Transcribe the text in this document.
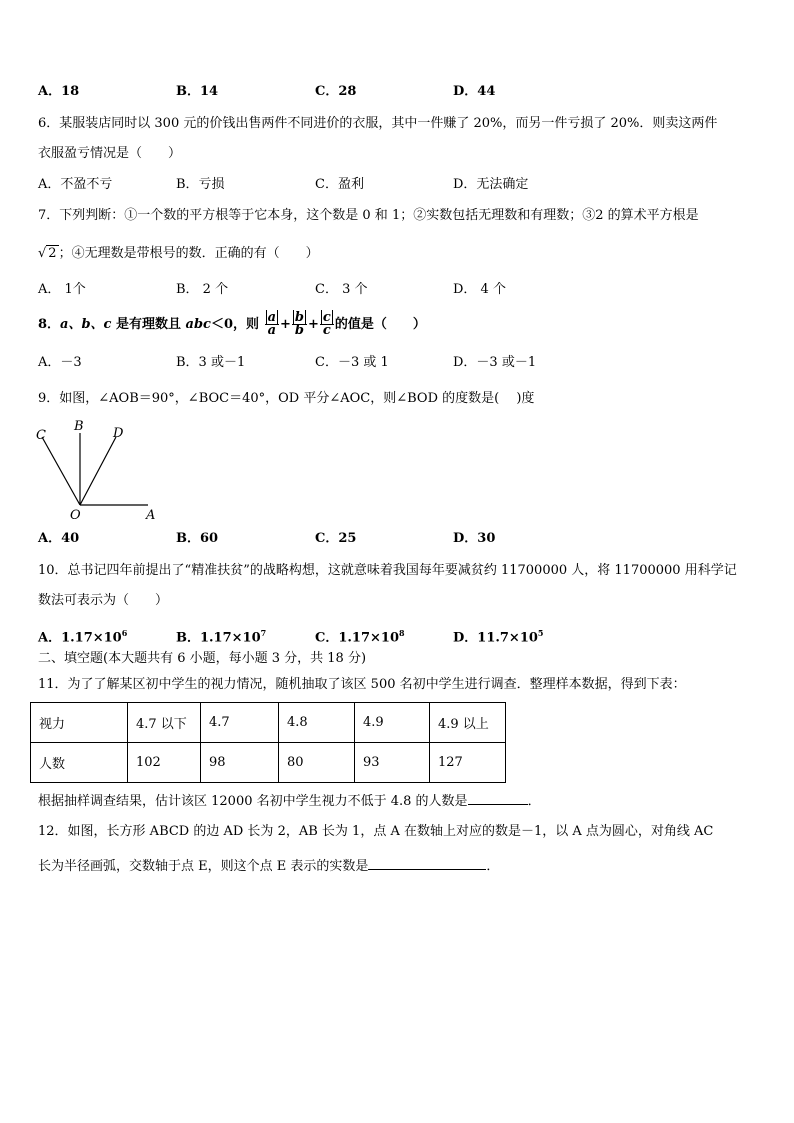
A．18	B．14	C．28	D．44
6．某服装店同时以 300 元的价钱出售两件不同进价的衣服，其中一件赚了 20%，而另一件亏损了 20%．则卖这两件
衣服盈亏情况是（　　）
A．不盈不亏	B．亏损	C．盈利	D．无法确定
7．下列判断：①一个数的平方根等于它本身，这个数是 0 和 1；②实数包括无理数和有理数；③2 的算术平方根是
√ 2 ；④无理数是带根号的数．正确的有（　　）
A． 1个	B． 2 个	C． 3 个	D． 4 个
8．a、b、c 是有理数且 abc＜0，则 $\frac{a}{a} + \frac{b}{b} + \frac{c}{c}$ 的值是（　　）
A．－3	B．3 或－1	C．－3 或 1	D．－3 或－1
9．如图，∠AOB＝90°，∠BOC＝40°，OD 平分∠AOC，则∠BOD 的度数是(　 )度
C
B D
O	A
A．40	B．60	C．25	D．30
10．总书记四年前提出了“精准扶贫”的战略构想，这就意味着我国每年要减贫约 11700000 人，将 11700000 用科学记
数法可表示为（　　）
A．$1.17\times 10^6$	B．$1.17\times 10^7$	C．$1.17\times 10^8$	D．$11.7\times 10^5$
二、填空题(本大题共有 6 小题，每小题 3 分，共 18 分)
11．为了了解某区初中学生的视力情况，随机抽取了该区 500 名初中学生进行调查．整理样本数据，得到下表：
视力	4.7 以下	4.7	4.8	4.9	4.9 以上
人数	102	98	80	93	127
根据抽样调查结果，估计该区 12000 名初中学生视力不低于 4.8 的人数是	．
12．如图，长方形 ABCD 的边 AD 长为 2，AB 长为 1，点 A 在数轴上对应的数是－1，以 A 点为圆心，对角线 AC
长为半径画弧，交数轴于点 E，则这个点 E 表示的实数是	．
